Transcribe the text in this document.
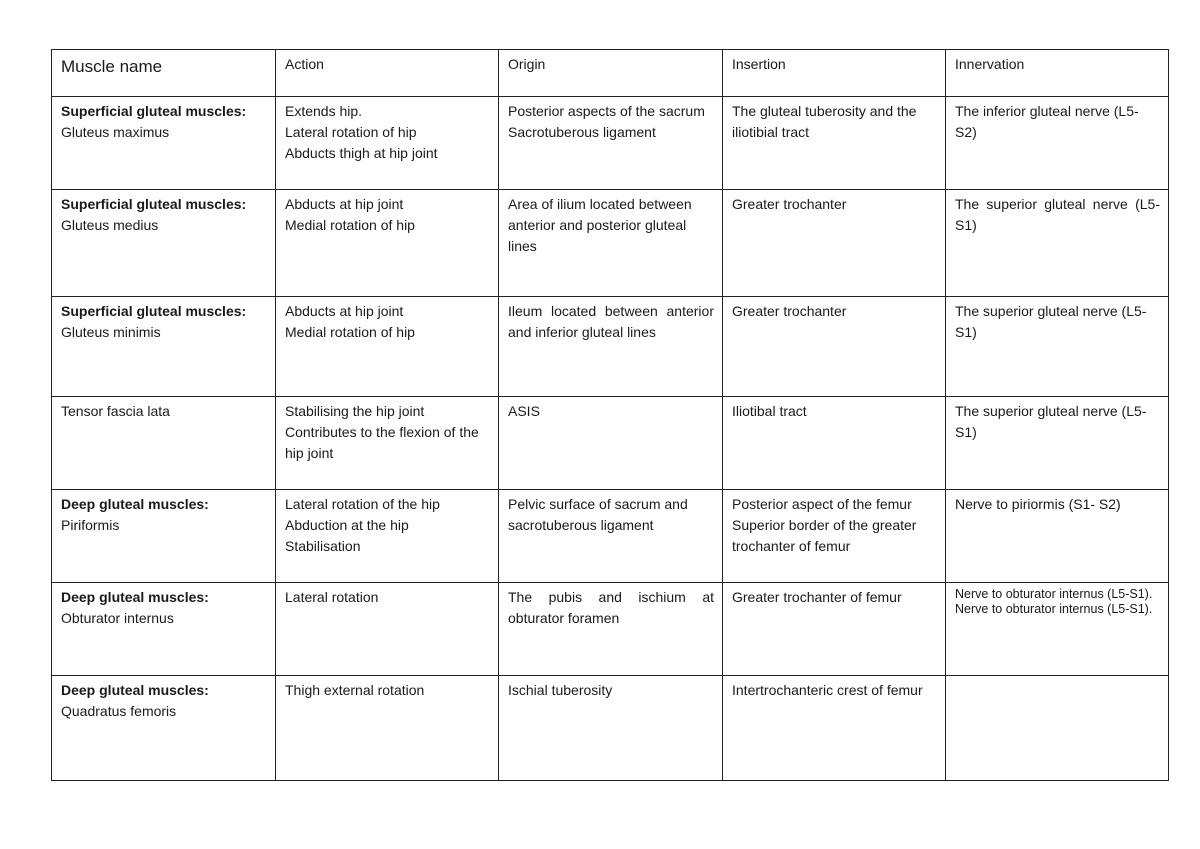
Muscle name	Action	Origin	Insertion	Innervation

Superficial gluteal muscles:
Gluteus maximus	Extends hip.
Lateral rotation of hip
Abducts thigh at hip joint	Posterior aspects of the sacrum
Sacrotuberous ligament	The gluteal tuberosity and the iliotibial tract	The inferior gluteal nerve (L5-S2)

Superficial gluteal muscles:
Gluteus medius	Abducts at hip joint
Medial rotation of hip	Area of ilium located between anterior and posterior gluteal lines	Greater trochanter	The superior gluteal nerve (L5-S1)

Superficial gluteal muscles:
Gluteus minimis	Abducts at hip joint
Medial rotation of hip	Ileum located between anterior and inferior gluteal lines	Greater trochanter	The superior gluteal nerve (L5-S1)

Tensor fascia lata	Stabilising the hip joint
Contributes to the flexion of the hip joint	ASIS	Iliotibal tract	The superior gluteal nerve (L5-S1)

Deep gluteal muscles:
Piriformis	Lateral rotation of the hip
Abduction at the hip
Stabilisation	Pelvic surface of sacrum and sacrotuberous ligament	Posterior aspect of the femur Superior border of the greater trochanter of femur	Nerve to piriormis (S1- S2)

Deep gluteal muscles:
Obturator internus	Lateral rotation	The pubis and ischium at obturator foramen	Greater trochanter of femur	Nerve to obturator internus (L5-S1). Nerve to obturator internus (L5-S1).

Deep gluteal muscles:
Quadratus femoris	Thigh external rotation	Ischial tuberosity	Intertrochanteric crest of femur	
